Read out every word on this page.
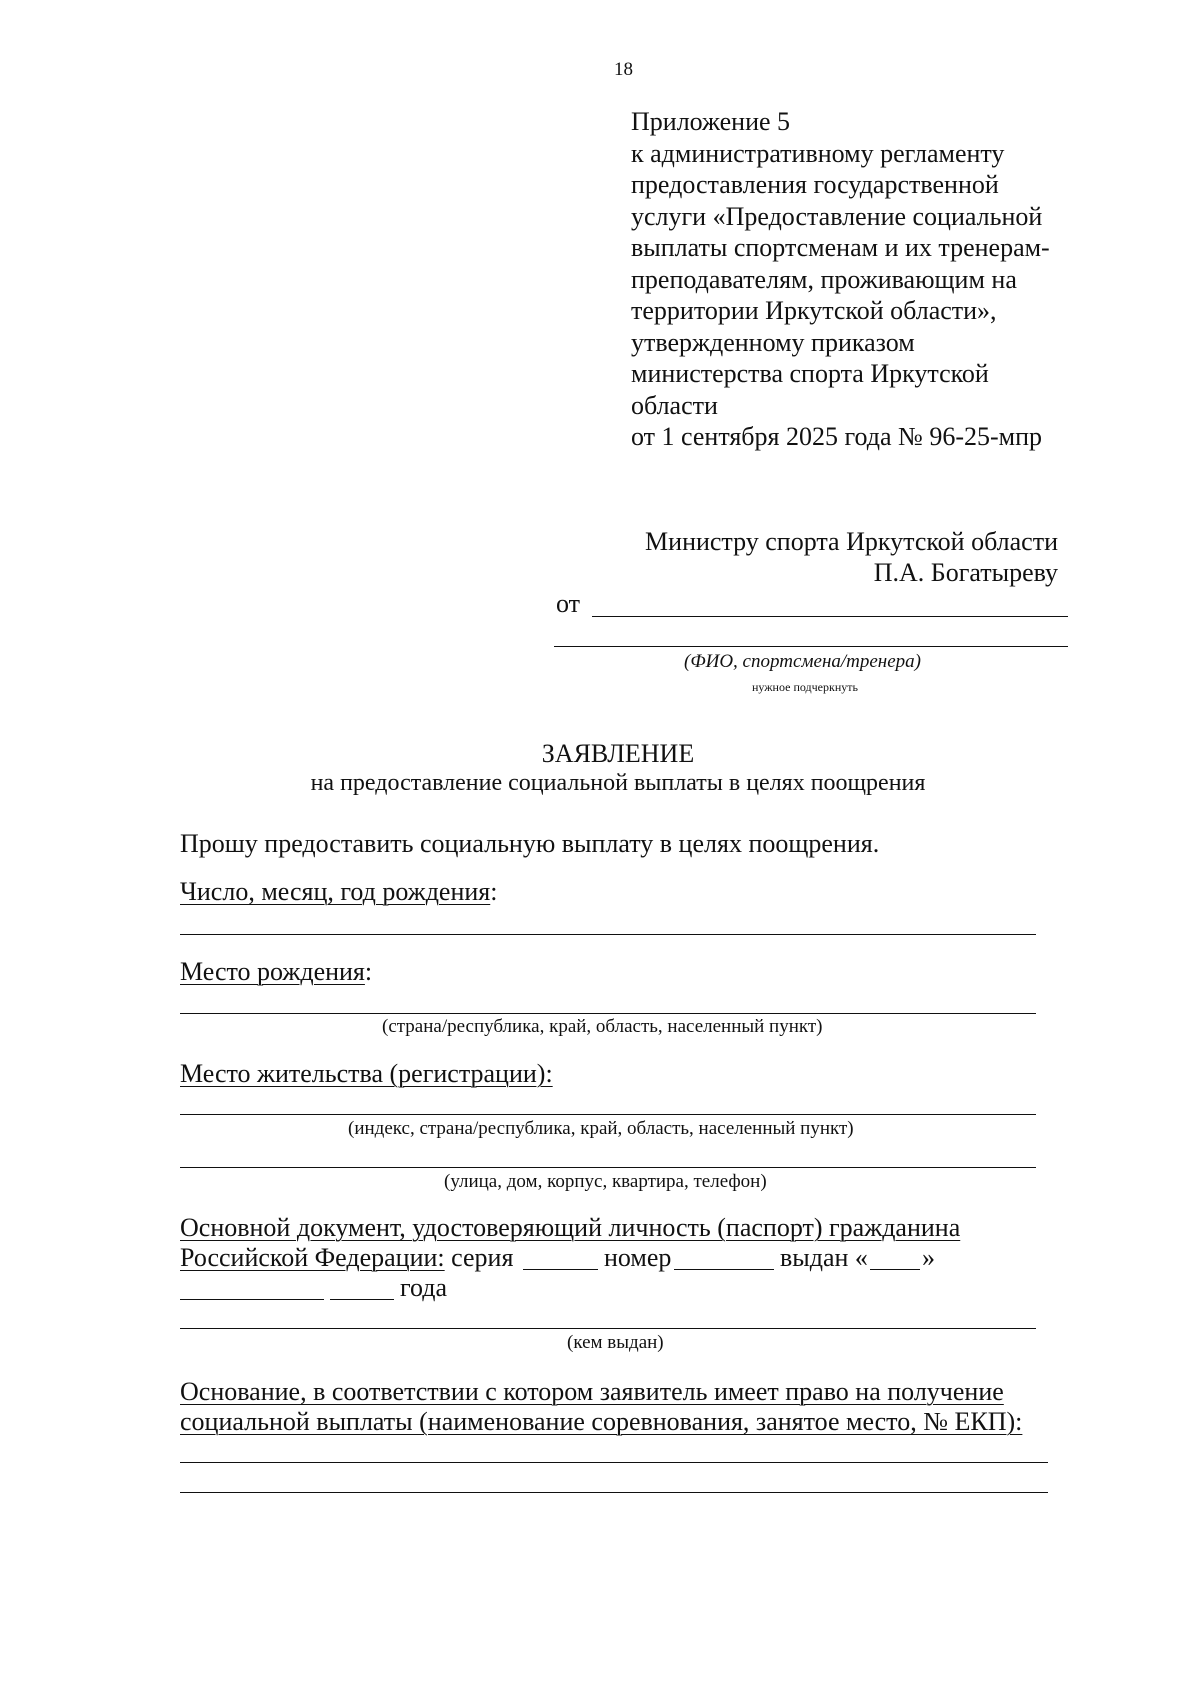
18
Приложение 5
к административному регламенту
предоставления государственной
услуги «Предоставление социальной
выплаты спортсменам и их тренерам-
преподавателям, проживающим на
территории Иркутской области»,
утвержденному приказом
министерства спорта Иркутской
области
от 1 сентября 2025 года № 96-25-мпр
Министру спорта Иркутской области
П.А. Богатыреву
от
(ФИО, спортсмена/тренера)
нужное подчеркнуть
ЗАЯВЛЕНИЕ
на предоставление социальной выплаты в целях поощрения
Прошу предоставить социальную выплату в целях поощрения.
Число, месяц, год рождения:
Место рождения:
(страна/республика, край, область, населенный пункт)
Место жительства (регистрации):
(индекс, страна/республика, край, область, населенный пункт)
(улица, дом, корпус, квартира, телефон)
Основной документ, удостоверяющий личность (паспорт) гражданина
Российской Федерации: серия	номер	выдан « »
года
(кем выдан)
Основание, в соответствии с котором заявитель имеет право на получение
социальной выплаты (наименование соревнования, занятое место, № ЕКП):
